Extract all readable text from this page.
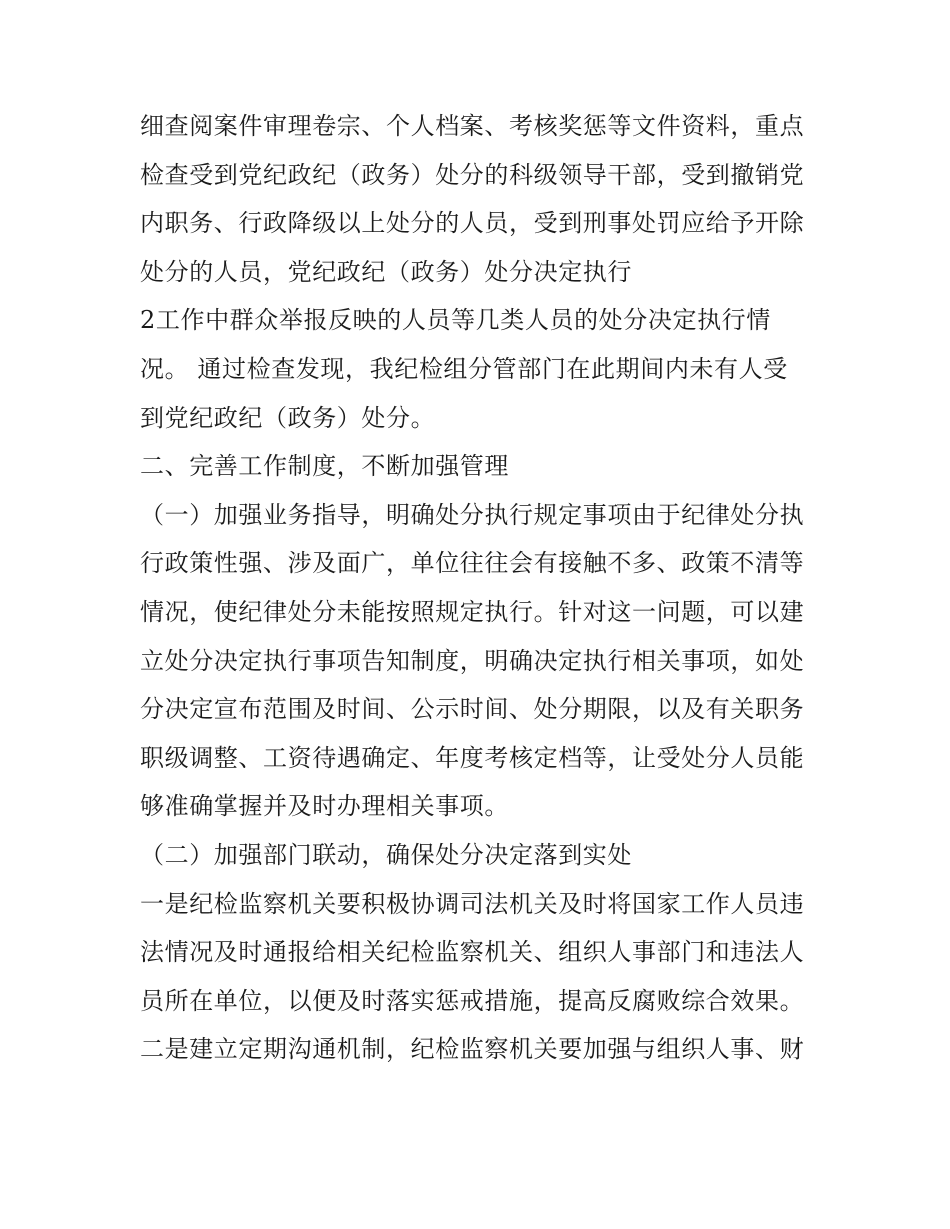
细查阅案件审理卷宗、个人档案、考核奖惩等文件资料，重点
检查受到党纪政纪（政务）处分的科级领导干部，受到撤销党
内职务、行政降级以上处分的人员，受到刑事处罚应给予开除
处分的人员，党纪政纪（政务）处分决定执行
2工作中群众举报反映的人员等几类人员的处分决定执行情
况。 通过检查发现，我纪检组分管部门在此期间内未有人受
到党纪政纪（政务）处分。
二、完善工作制度，不断加强管理
（一）加强业务指导，明确处分执行规定事项由于纪律处分执
行政策性强、涉及面广，单位往往会有接触不多、政策不清等
情况，使纪律处分未能按照规定执行。针对这一问题，可以建
立处分决定执行事项告知制度，明确决定执行相关事项，如处
分决定宣布范围及时间、公示时间、处分期限，以及有关职务
职级调整、工资待遇确定、年度考核定档等，让受处分人员能
够准确掌握并及时办理相关事项。
（二）加强部门联动，确保处分决定落到实处
一是纪检监察机关要积极协调司法机关及时将国家工作人员违
法情况及时通报给相关纪检监察机关、组织人事部门和违法人
员所在单位，以便及时落实惩戒措施，提高反腐败综合效果。
二是建立定期沟通机制，纪检监察机关要加强与组织人事、财
